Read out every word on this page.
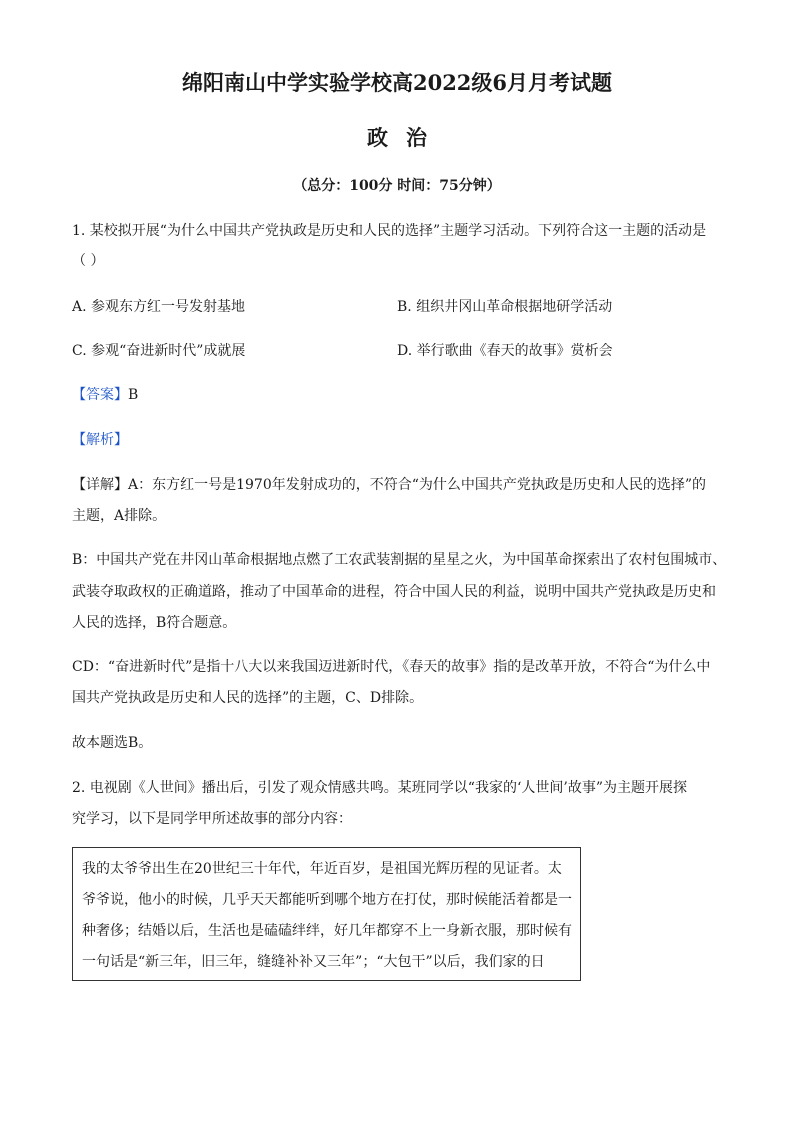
绵阳南山中学实验学校高2022级6月月考试题
政治
（总分：100分 时间：75分钟）
1. 某校拟开展“为什么中国共产党执政是历史和人民的选择”主题学习活动。下列符合这一主题的活动是
（ ）
A. 参观东方红一号发射基地	B. 组织井冈山革命根据地研学活动
C. 参观“奋进新时代”成就展	D. 举行歌曲《春天的故事》赏析会
【答案】B
【解析】
【详解】A：东方红一号是1970年发射成功的，不符合“为什么中国共产党执政是历史和人民的选择”的
主题，A排除。
B：中国共产党在井冈山革命根据地点燃了工农武装割据的星星之火，为中国革命探索出了农村包围城市、
武装夺取政权的正确道路，推动了中国革命的进程，符合中国人民的利益，说明中国共产党执政是历史和
人民的选择，B符合题意。
CD：“奋进新时代”是指十八大以来我国迈进新时代，《春天的故事》指的是改革开放，不符合“为什么中
国共产党执政是历史和人民的选择”的主题，C、D排除。
故本题选B。
2. 电视剧《人世间》播出后，引发了观众情感共鸣。某班同学以“我家的‘人世间’故事”为主题开展探
究学习，以下是同学甲所述故事的部分内容：
我的太爷爷出生在20世纪三十年代，年近百岁，是祖国光辉历程的见证者。太
爷爷说，他小的时候，几乎天天都能听到哪个地方在打仗，那时候能活着都是一
种奢侈；结婚以后，生活也是磕磕绊绊，好几年都穿不上一身新衣服，那时候有
一句话是“新三年，旧三年，缝缝补补又三年”；“大包干”以后，我们家的日
